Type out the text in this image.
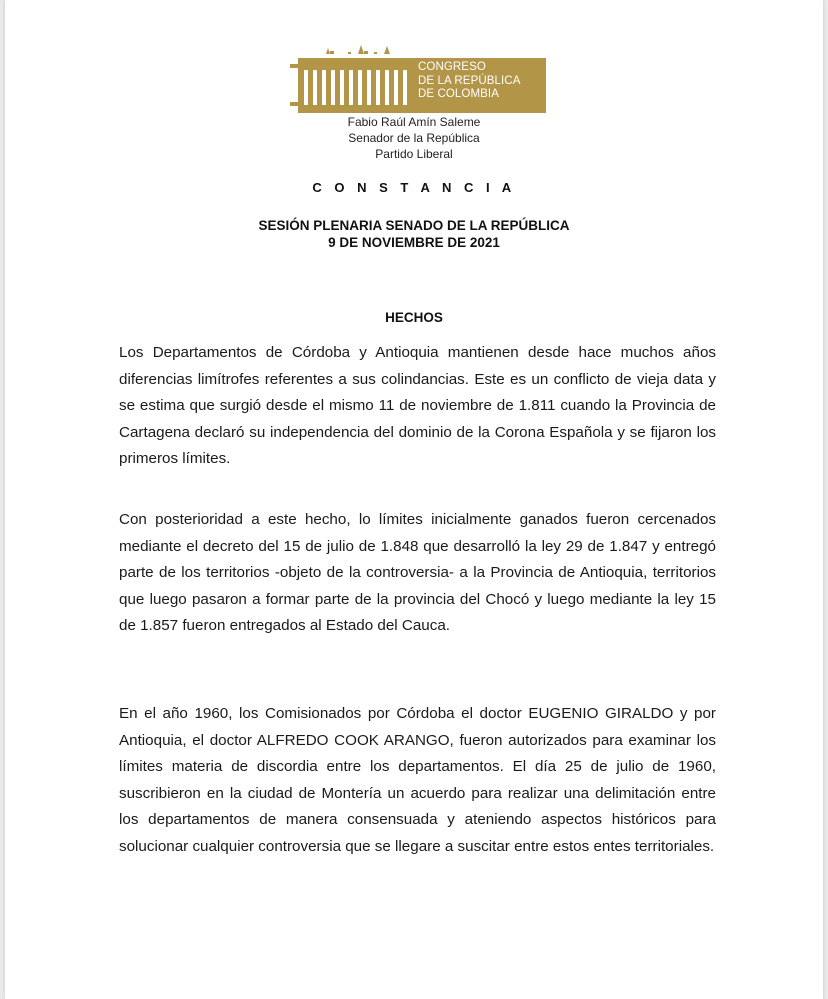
CONGRESO
DE LA REPÚBLICA
DE COLOMBIA
Fabio Raúl Amín Saleme
Senador de la República
Partido Liberal
C O N S T A N C I A
SESIÓN PLENARIA SENADO DE LA REPÚBLICA
9 DE NOVIEMBRE DE 2021
HECHOS
Los Departamentos de Córdoba y Antioquia mantienen desde hace muchos años diferencias limítrofes referentes a sus colindancias. Este es un conflicto de vieja data y se estima que surgió desde el mismo 11 de noviembre de 1.811 cuando la Provincia de Cartagena declaró su independencia del dominio de la Corona Española y se fijaron los primeros límites.
Con posterioridad a este hecho, lo límites inicialmente ganados fueron cercenados mediante el decreto del 15 de julio de 1.848 que desarrolló la ley 29 de 1.847 y entregó parte de los territorios -objeto de la controversia- a la Provincia de Antioquia, territorios que luego pasaron a formar parte de la provincia del Chocó y luego mediante la ley 15 de 1.857 fueron entregados al Estado del Cauca.
En el año 1960, los Comisionados por Córdoba el doctor EUGENIO GIRALDO y por Antioquia, el doctor ALFREDO COOK ARANGO, fueron autorizados para examinar los límites materia de discordia entre los departamentos. El día 25 de julio de 1960, suscribieron en la ciudad de Montería un acuerdo para realizar una delimitación entre los departamentos de manera consensuada y ateniendo aspectos históricos para solucionar cualquier controversia que se llegare a suscitar entre estos entes territoriales.
